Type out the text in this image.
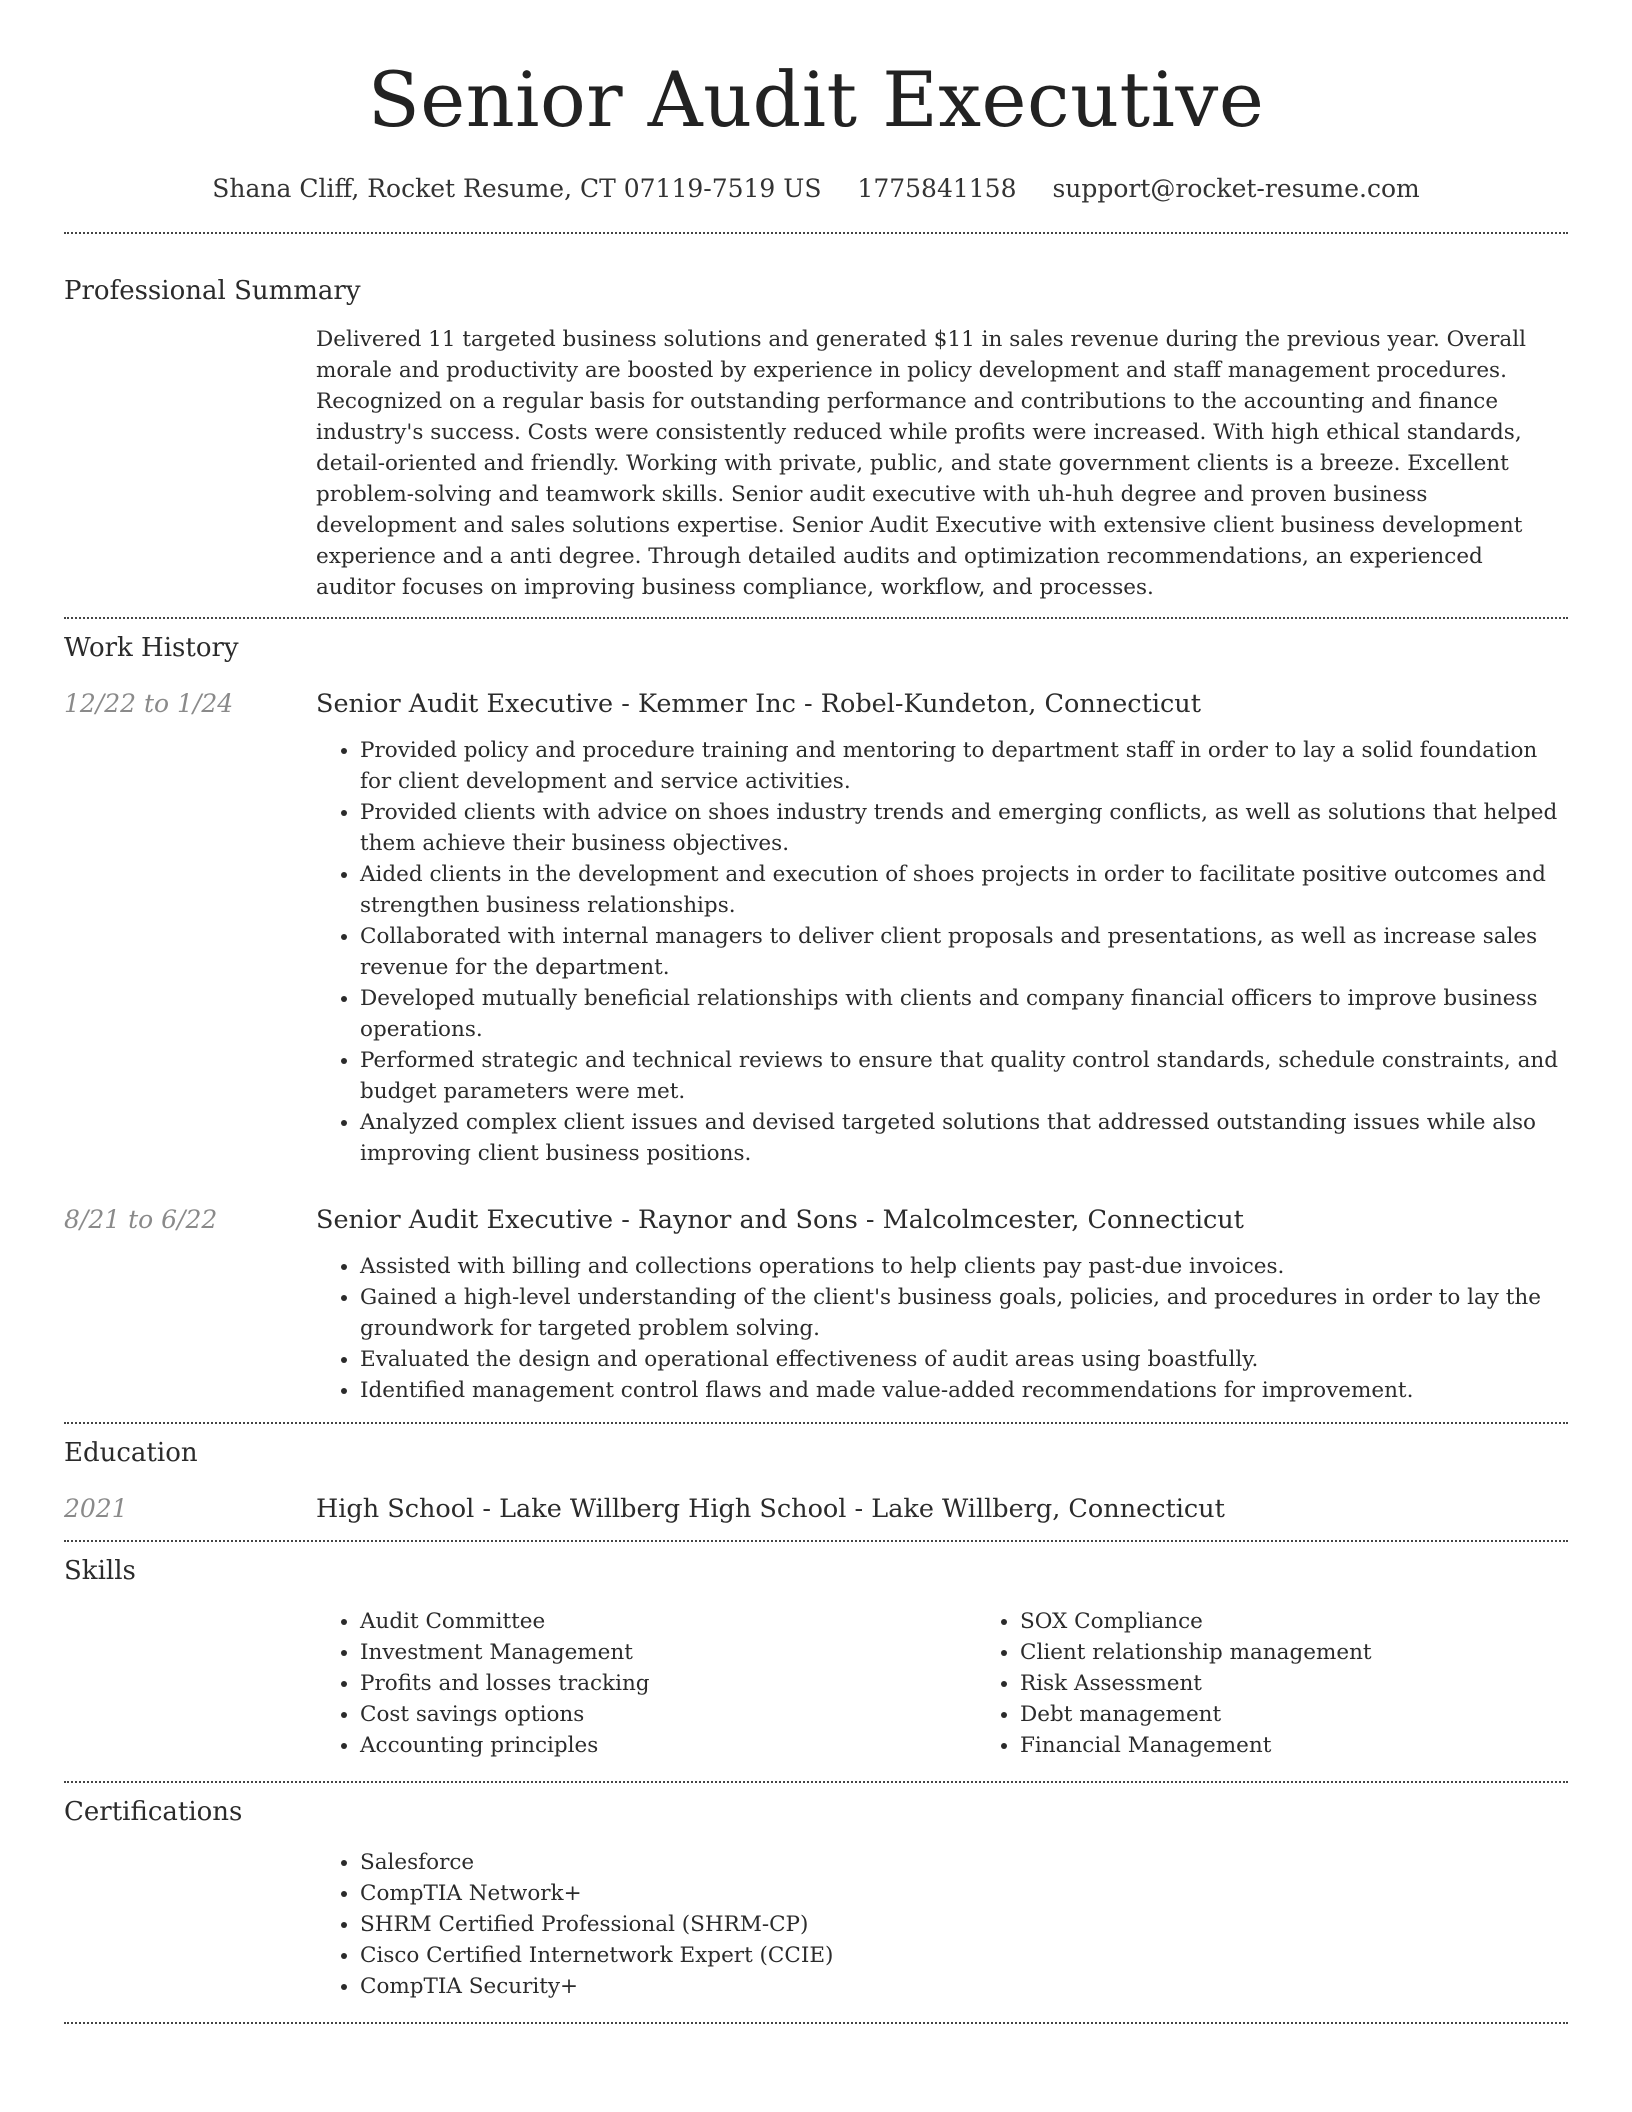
Senior Audit Executive
Shana Cliff, Rocket Resume, CT 07119-7519 US 1775841158 support@rocket-resume.com
Professional Summary
Delivered 11 targeted business solutions and generated $11 in sales revenue during the previous year. Overall morale and productivity are boosted by experience in policy development and staff management procedures. Recognized on a regular basis for outstanding performance and contributions to the accounting and finance industry's success. Costs were consistently reduced while profits were increased. With high ethical standards, detail-oriented and friendly. Working with private, public, and state government clients is a breeze. Excellent problem-solving and teamwork skills. Senior audit executive with uh-huh degree and proven business development and sales solutions expertise. Senior Audit Executive with extensive client business development experience and a anti degree. Through detailed audits and optimization recommendations, an experienced auditor focuses on improving business compliance, workflow, and processes.
Work History
12/22 to 1/24	Senior Audit Executive - Kemmer Inc - Robel-Kundeton, Connecticut
• Provided policy and procedure training and mentoring to department staff in order to lay a solid foundation for client development and service activities.
• Provided clients with advice on shoes industry trends and emerging conflicts, as well as solutions that helped them achieve their business objectives.
• Aided clients in the development and execution of shoes projects in order to facilitate positive outcomes and strengthen business relationships.
• Collaborated with internal managers to deliver client proposals and presentations, as well as increase sales revenue for the department.
• Developed mutually beneficial relationships with clients and company financial officers to improve business operations.
• Performed strategic and technical reviews to ensure that quality control standards, schedule constraints, and budget parameters were met.
• Analyzed complex client issues and devised targeted solutions that addressed outstanding issues while also improving client business positions.
8/21 to 6/22	Senior Audit Executive - Raynor and Sons - Malcolmcester, Connecticut
• Assisted with billing and collections operations to help clients pay past-due invoices.
• Gained a high-level understanding of the client's business goals, policies, and procedures in order to lay the groundwork for targeted problem solving.
• Evaluated the design and operational effectiveness of audit areas using boastfully.
• Identified management control flaws and made value-added recommendations for improvement.
Education
2021	High School - Lake Willberg High School - Lake Willberg, Connecticut
Skills
• Audit Committee
• Investment Management
• Profits and losses tracking
• Cost savings options
• Accounting principles
• SOX Compliance
• Client relationship management
• Risk Assessment
• Debt management
• Financial Management
Certifications
• Salesforce
• CompTIA Network+
• SHRM Certified Professional (SHRM-CP)
• Cisco Certified Internetwork Expert (CCIE)
• CompTIA Security+
